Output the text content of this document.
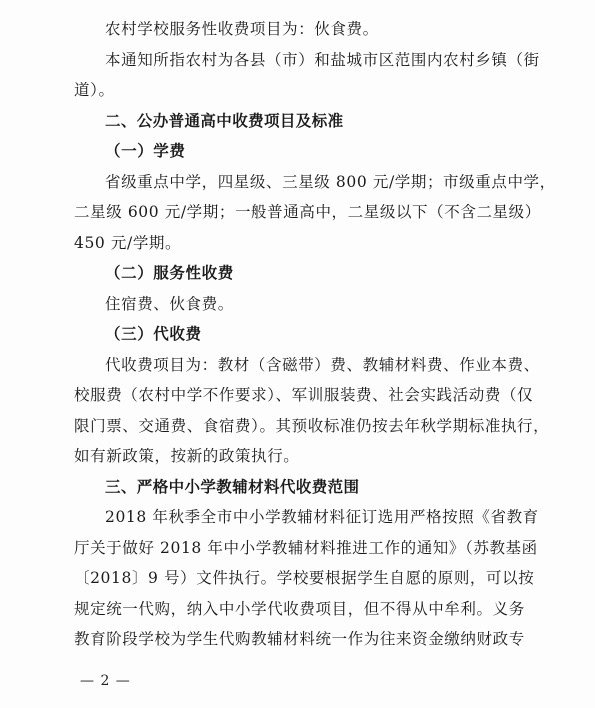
农村学校服务性收费项目为：伙食费。
本通知所指农村为各县（市）和盐城市区范围内农村乡镇（街
道）。
二、公办普通高中收费项目及标准
（一）学费
省级重点中学，四星级、三星级 800 元/学期；市级重点中学，
二星级 600 元/学期；一般普通高中，二星级以下（不含二星级）
450 元/学期。
（二）服务性收费
住宿费、伙食费。
（三）代收费
代收费项目为：教材（含磁带）费、教辅材料费、作业本费、
校服费（农村中学不作要求）、军训服装费、社会实践活动费（仅
限门票、交通费、食宿费）。其预收标准仍按去年秋学期标准执行，
如有新政策，按新的政策执行。
三、严格中小学教辅材料代收费范围
2018 年秋季全市中小学教辅材料征订选用严格按照《省教育
厅关于做好 2018 年中小学教辅材料推进工作的通知》（苏教基函
〔2018〕9 号）文件执行。学校要根据学生自愿的原则，可以按
规定统一代购，纳入中小学代收费项目，但不得从中牟利。义务
教育阶段学校为学生代购教辅材料统一作为往来资金缴纳财政专
— 2 —
